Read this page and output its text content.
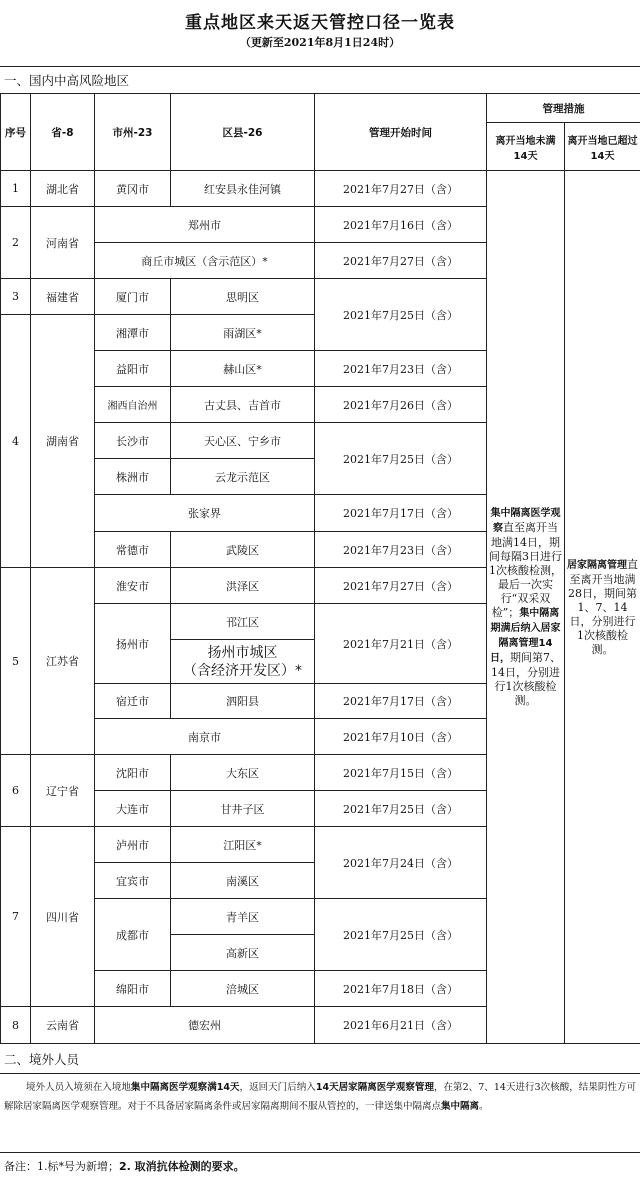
重点地区来天返天管控口径一览表
（更新至2021年8月1日24时）
一、国内中高风险地区
序号	省-8	市州-23	区县-26	管理开始时间	管理措施	
					离开当地未满14天	离开当地已超过14天
1	湖北省	黄冈市	红安县永佳河镇	2021年7月27日（含）	集中隔离医学观察直至离开当地满14日，期间每隔3日进行1次核酸检测，最后一次实行“双采双检”；集中隔离期满后纳入居家隔离管理14日，期间第7、14日，分别进行1次核酸检测。	居家隔离管理直至离开当地满28日，期间第1、7、14日，分别进行1次核酸检测。
2	河南省	郑州市		2021年7月16日（含）		
		商丘市城区（含示范区）*		2021年7月27日（含）		
3	福建省	厦门市	思明区	2021年7月25日（含）		
4	湖南省	湘潭市	雨湖区*			
		益阳市	赫山区*	2021年7月23日（含）		
		湘西自治州	古丈县、吉首市	2021年7月26日（含）		
		长沙市	天心区、宁乡市	2021年7月25日（含）		
		株洲市	云龙示范区			
		张家界		2021年7月17日（含）		
		常德市	武陵区	2021年7月23日（含）		
5	江苏省	淮安市	洪泽区	2021年7月27日（含）		
		扬州市	邗江区	2021年7月21日（含）		
			扬州市城区
（含经济开发区）*			
		宿迁市	泗阳县	2021年7月17日（含）		
		南京市		2021年7月10日（含）		
6	辽宁省	沈阳市	大东区	2021年7月15日（含）		
		大连市	甘井子区	2021年7月25日（含）		
7	四川省	泸州市	江阳区*	2021年7月24日（含）		
		宜宾市	南溪区			
		成都市	青羊区	2021年7月25日（含）		
			高新区			
		绵阳市	涪城区	2021年7月18日（含）		
8	云南省	德宏州		2021年6月21日（含）		
二、境外人员
境外人员入境须在入境地集中隔离医学观察满14天，返回天门后纳入14天居家隔离医学观察管理，在第2、7、14天进行3次核酸，结果阴性方可解除居家隔离医学观察管理。对于不具备居家隔离条件或居家隔离期间不服从管控的，一律送集中隔离点集中隔离。
备注：1.标*号为新增；2. 取消抗体检测的要求。
